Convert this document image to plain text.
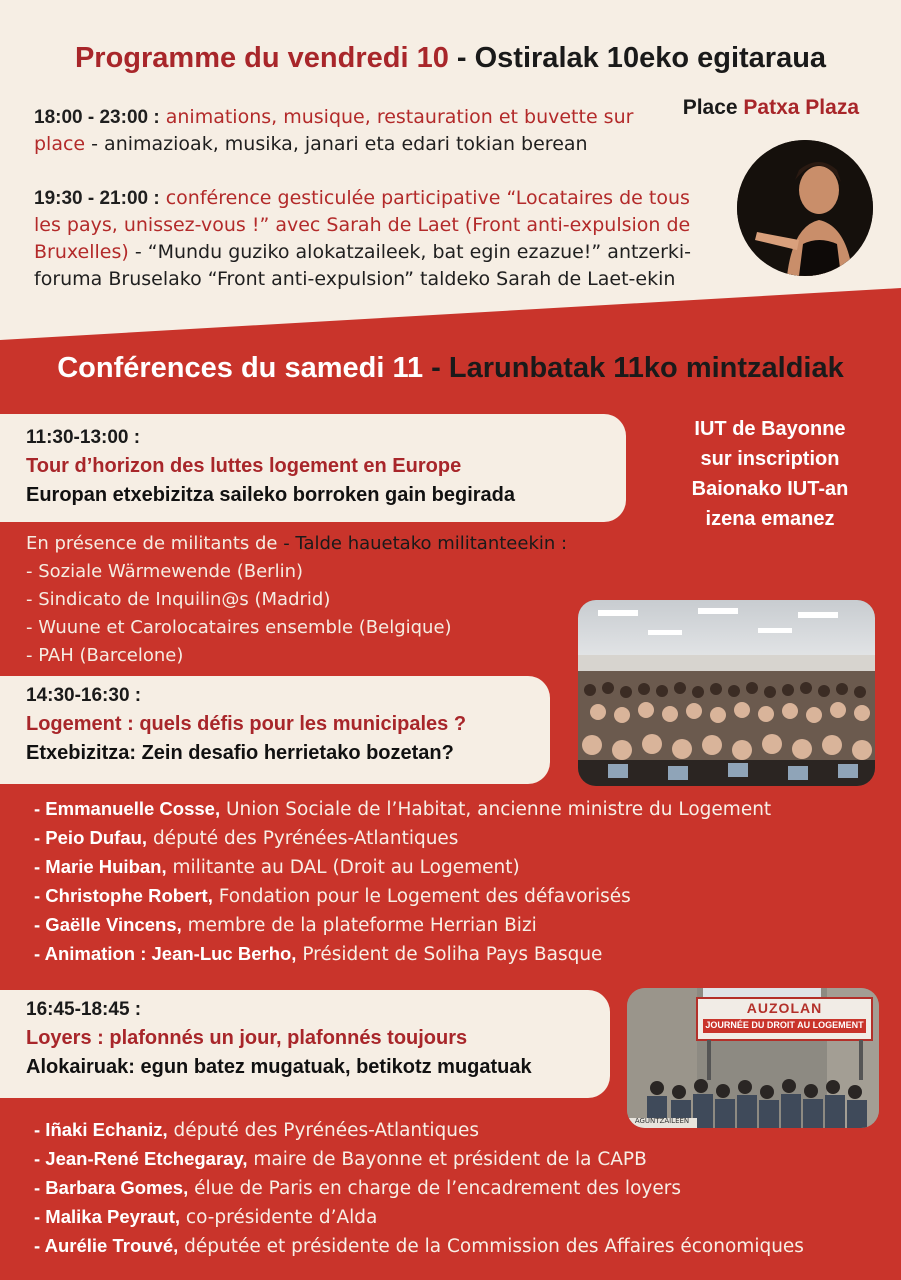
Programme du vendredi 10 - Ostiralak 10eko egitaraua
Place Patxa Plaza
18:00 - 23:00 : animations, musique, restauration et buvette sur place - animazioak, musika, janari eta edari tokian berean
19:30 - 21:00 : conférence gesticulée participative “Locataires de tous les pays, unissez-vous !” avec Sarah de Laet (Front anti-expulsion de Bruxelles) - “Mundu guziko alokatzaileek, bat egin ezazue!” antzerki-foruma Bruselako “Front anti-expulsion” taldeko Sarah de Laet-ekin
Conférences du samedi 11 - Larunbatak 11ko mintzaldiak
IUT de Bayonne
sur inscription
Baionako IUT-an
izena emanez
11:30-13:00 :
Tour d’horizon des luttes logement en Europe
Europan etxebizitza saileko borroken gain begirada
En présence de militants de - Talde hauetako militanteekin :
- Soziale Wärmewende (Berlin)
- Sindicato de Inquilin@s (Madrid)
- Wuune et Carolocataires ensemble (Belgique)
- PAH (Barcelone)
14:30-16:30 :
Logement : quels défis pour les municipales ?
Etxebizitza: Zein desafio herrietako bozetan?
- Emmanuelle Cosse, Union Sociale de l’Habitat, ancienne ministre du Logement
- Peio Dufau, député des Pyrénées-Atlantiques
- Marie Huiban, militante au DAL (Droit au Logement)
- Christophe Robert, Fondation pour le Logement des défavorisés
- Gaëlle Vincens, membre de la plateforme Herrian Bizi
- Animation : Jean-Luc Berho, Président de Soliha Pays Basque
16:45-18:45 :
Loyers : plafonnés un jour, plafonnés toujours
Alokairuak: egun batez mugatuak, betikotz mugatuak
AUZOLAN
JOURNÉE DU DROIT AU LOGEMENT
AGUNTZAILEEN
- Iñaki Echaniz, député des Pyrénées-Atlantiques
- Jean-René Etchegaray, maire de Bayonne et président de la CAPB
- Barbara Gomes, élue de Paris en charge de l’encadrement des loyers
- Malika Peyraut, co-présidente d’Alda
- Aurélie Trouvé, députée et présidente de la Commission des Affaires économiques
